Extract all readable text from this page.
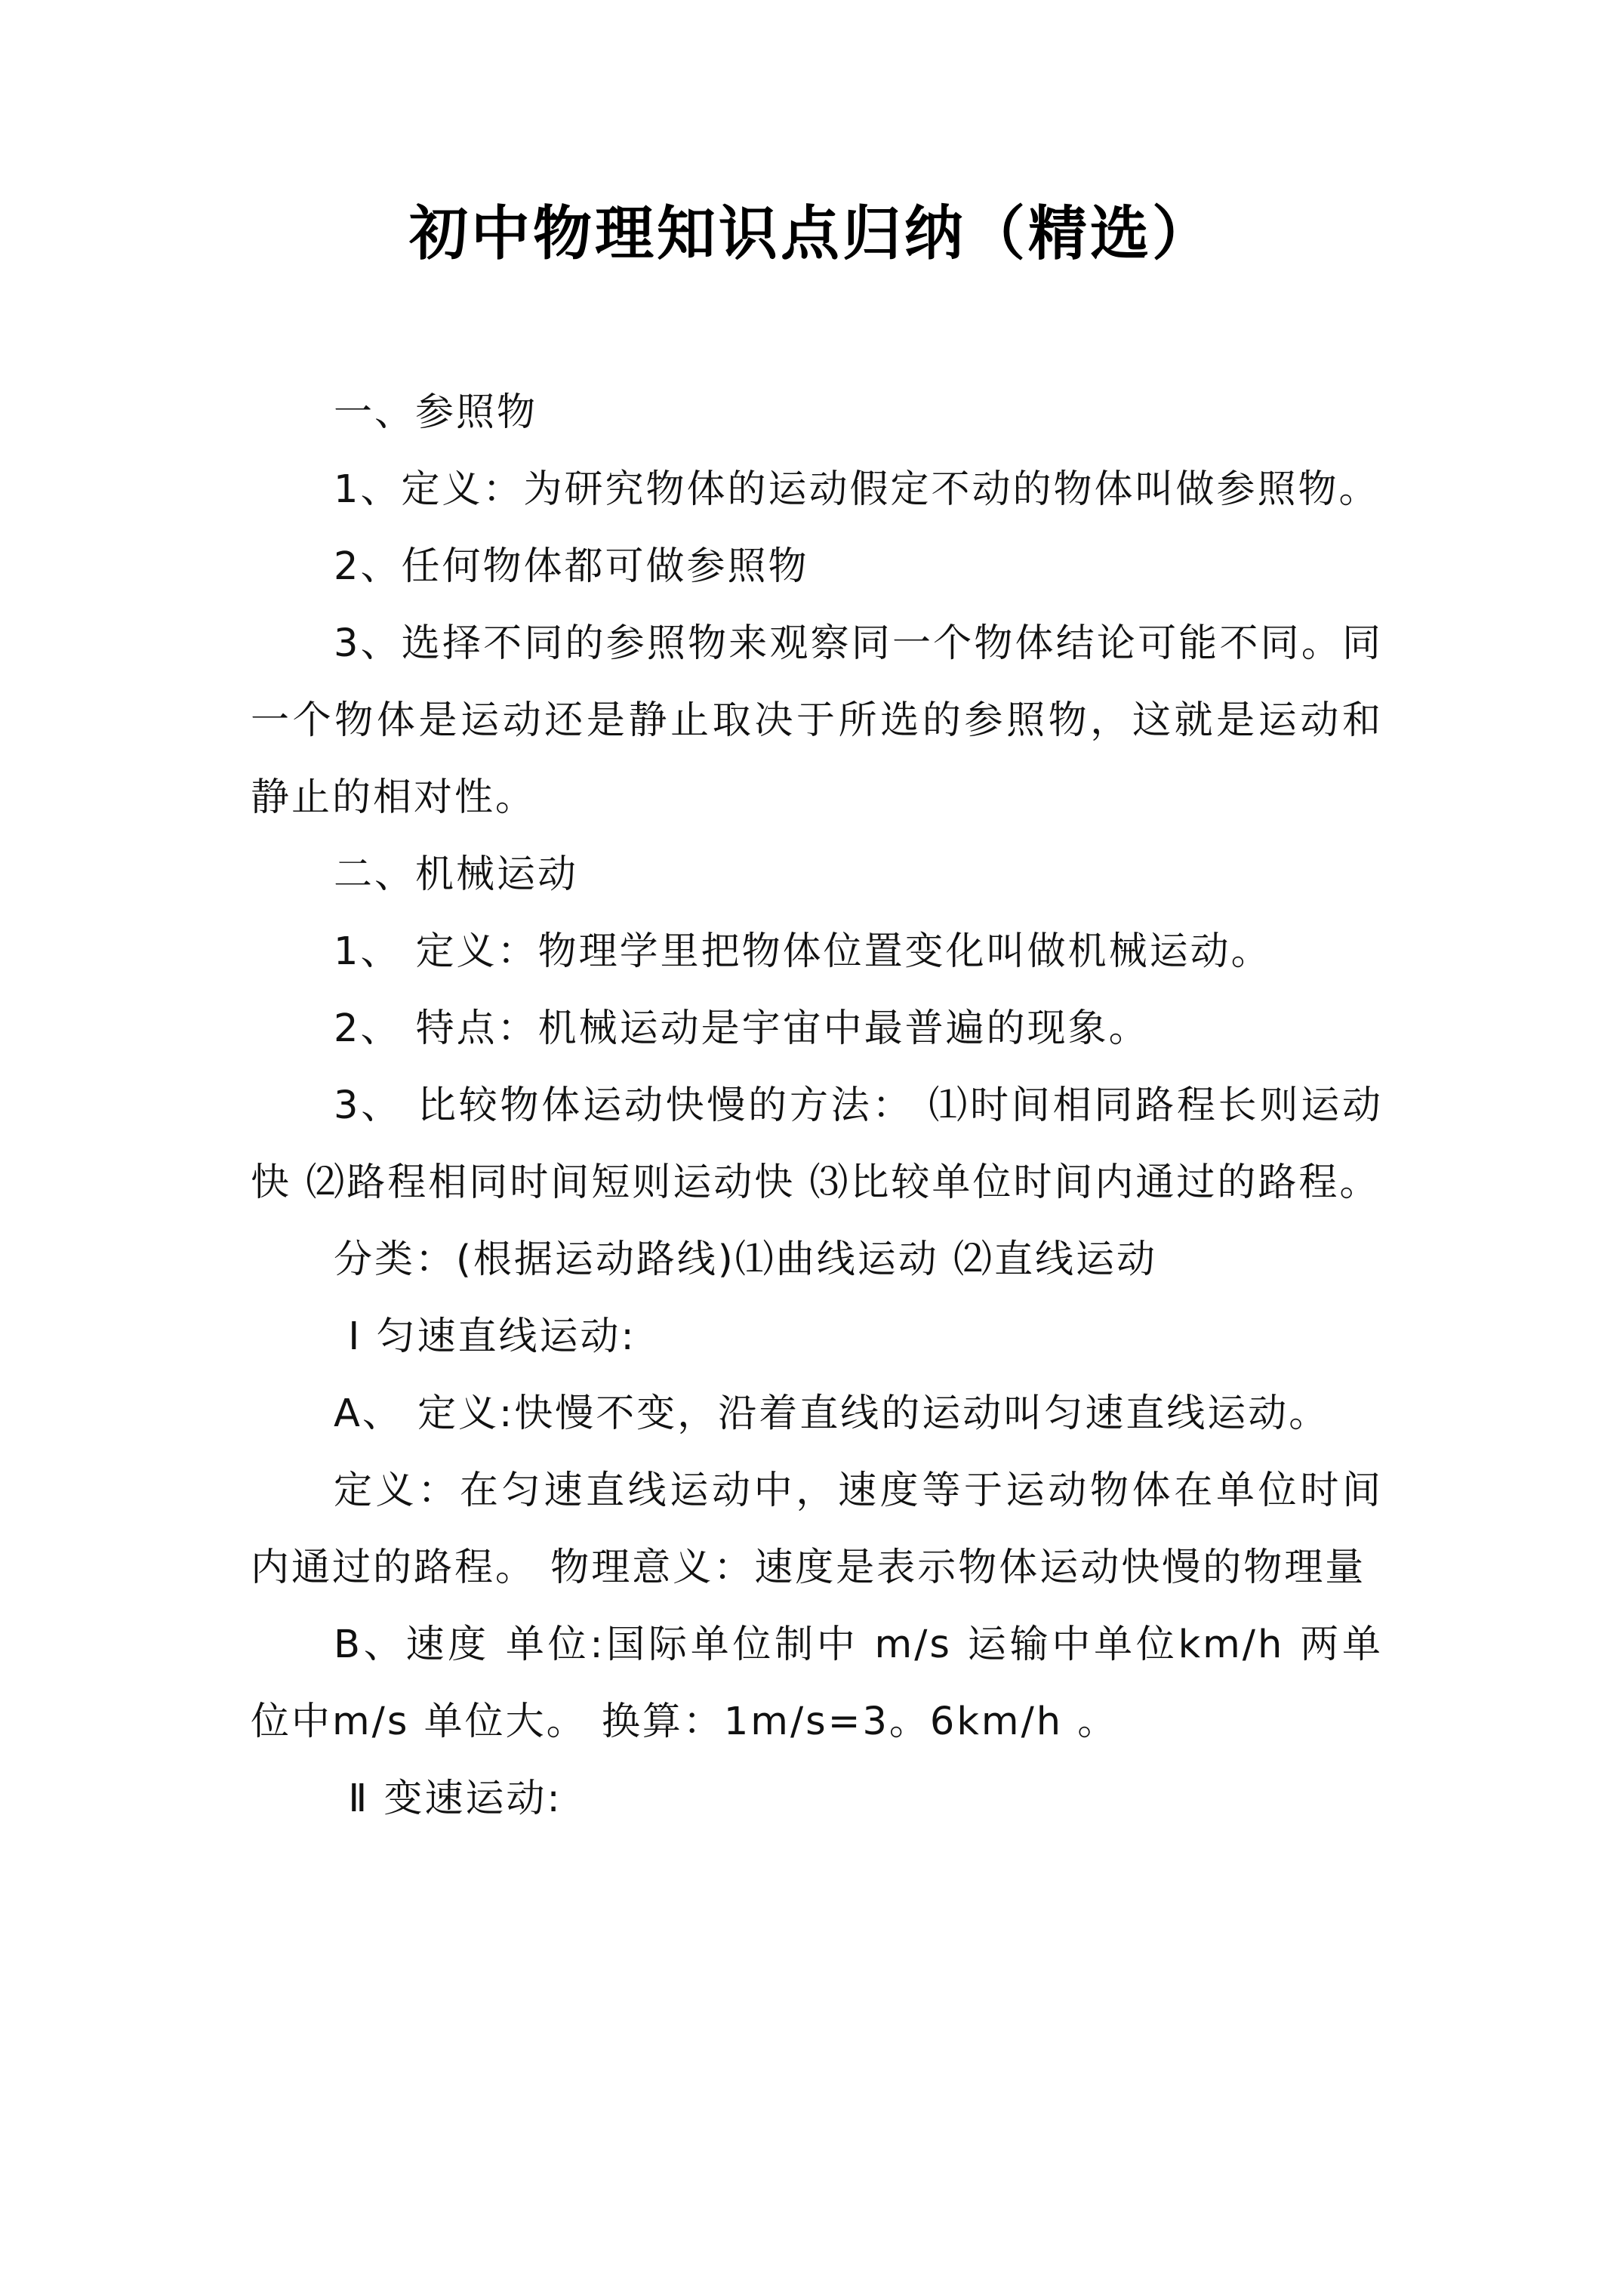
初中物理知识点归纳（精选）

一、参照物

1、定义：为研究物体的运动假定不动的物体叫做参照物。

2、任何物体都可做参照物

3、选择不同的参照物来观察同一个物体结论可能不同。同一个物体是运动还是静止取决于所选的参照物，这就是运动和静止的相对性。

二、机械运动

1、 定义：物理学里把物体位置变化叫做机械运动。

2、 特点：机械运动是宇宙中最普遍的现象。

3、 比较物体运动快慢的方法： ⑴时间相同路程长则运动快 ⑵路程相同时间短则运动快 ⑶比较单位时间内通过的路程。

分类：(根据运动路线)⑴曲线运动 ⑵直线运动

Ⅰ 匀速直线运动:

A、 定义:快慢不变，沿着直线的运动叫匀速直线运动。

定义：在匀速直线运动中，速度等于运动物体在单位时间内通过的路程。 物理意义：速度是表示物体运动快慢的物理量

B、速度 单位:国际单位制中 m/s 运输中单位km/h 两单位中m/s 单位大。 换算：1m/s=3。6km/h 。

Ⅱ 变速运动:
